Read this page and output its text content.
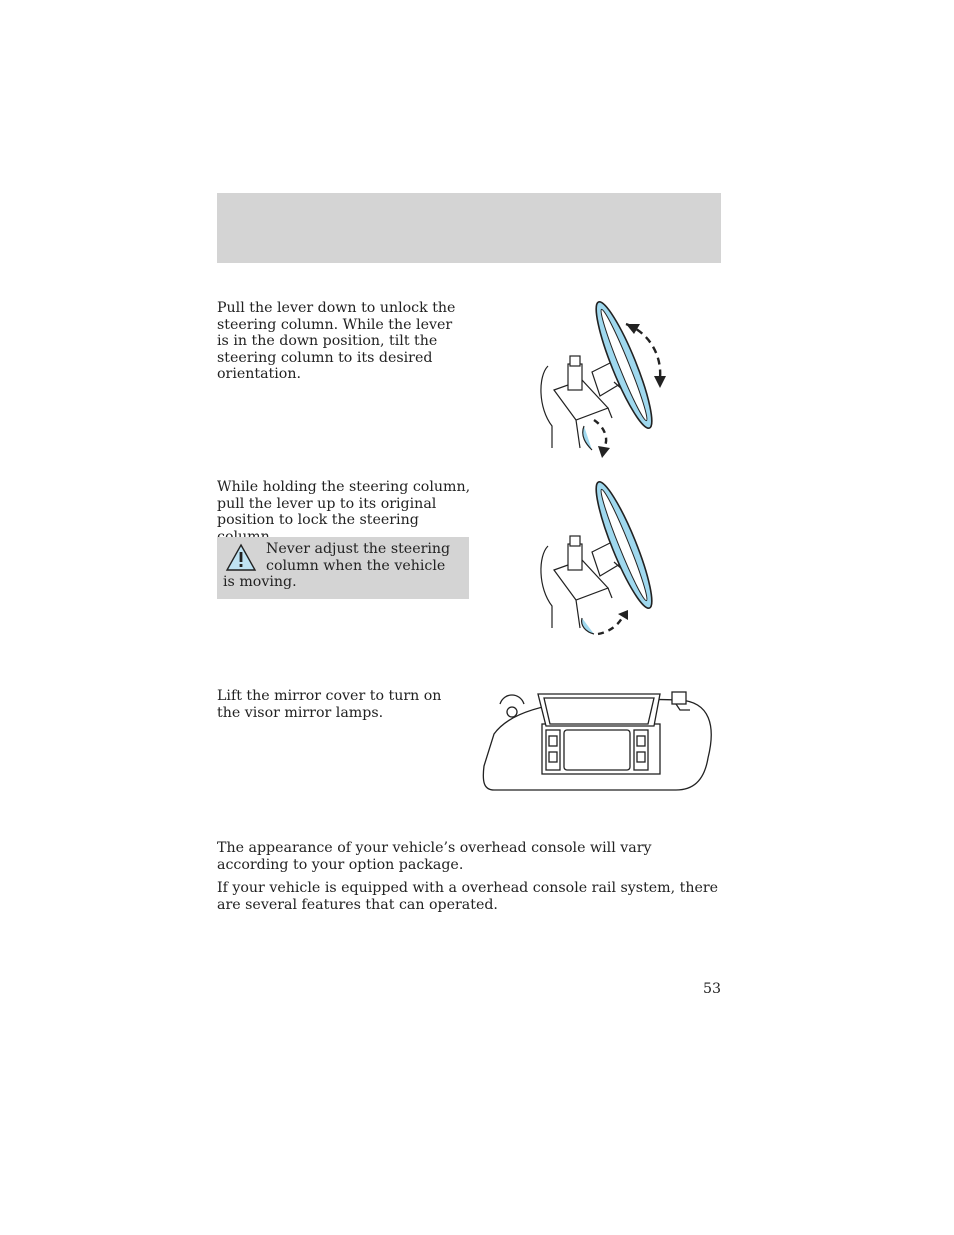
Pull the lever down to unlock the steering column. While the lever is in the down position, tilt the steering column to its desired orientation.

While holding the steering column, pull the lever up to its original position to lock the steering

Never adjust the steering column when the vehicle is moving.

Lift the mirror cover to turn on the visor mirror lamps.

The appearance of your vehicle’s overhead console will vary according to your option package.

If your vehicle is equipped with a overhead console rail system, there are several features that can operated.

53
